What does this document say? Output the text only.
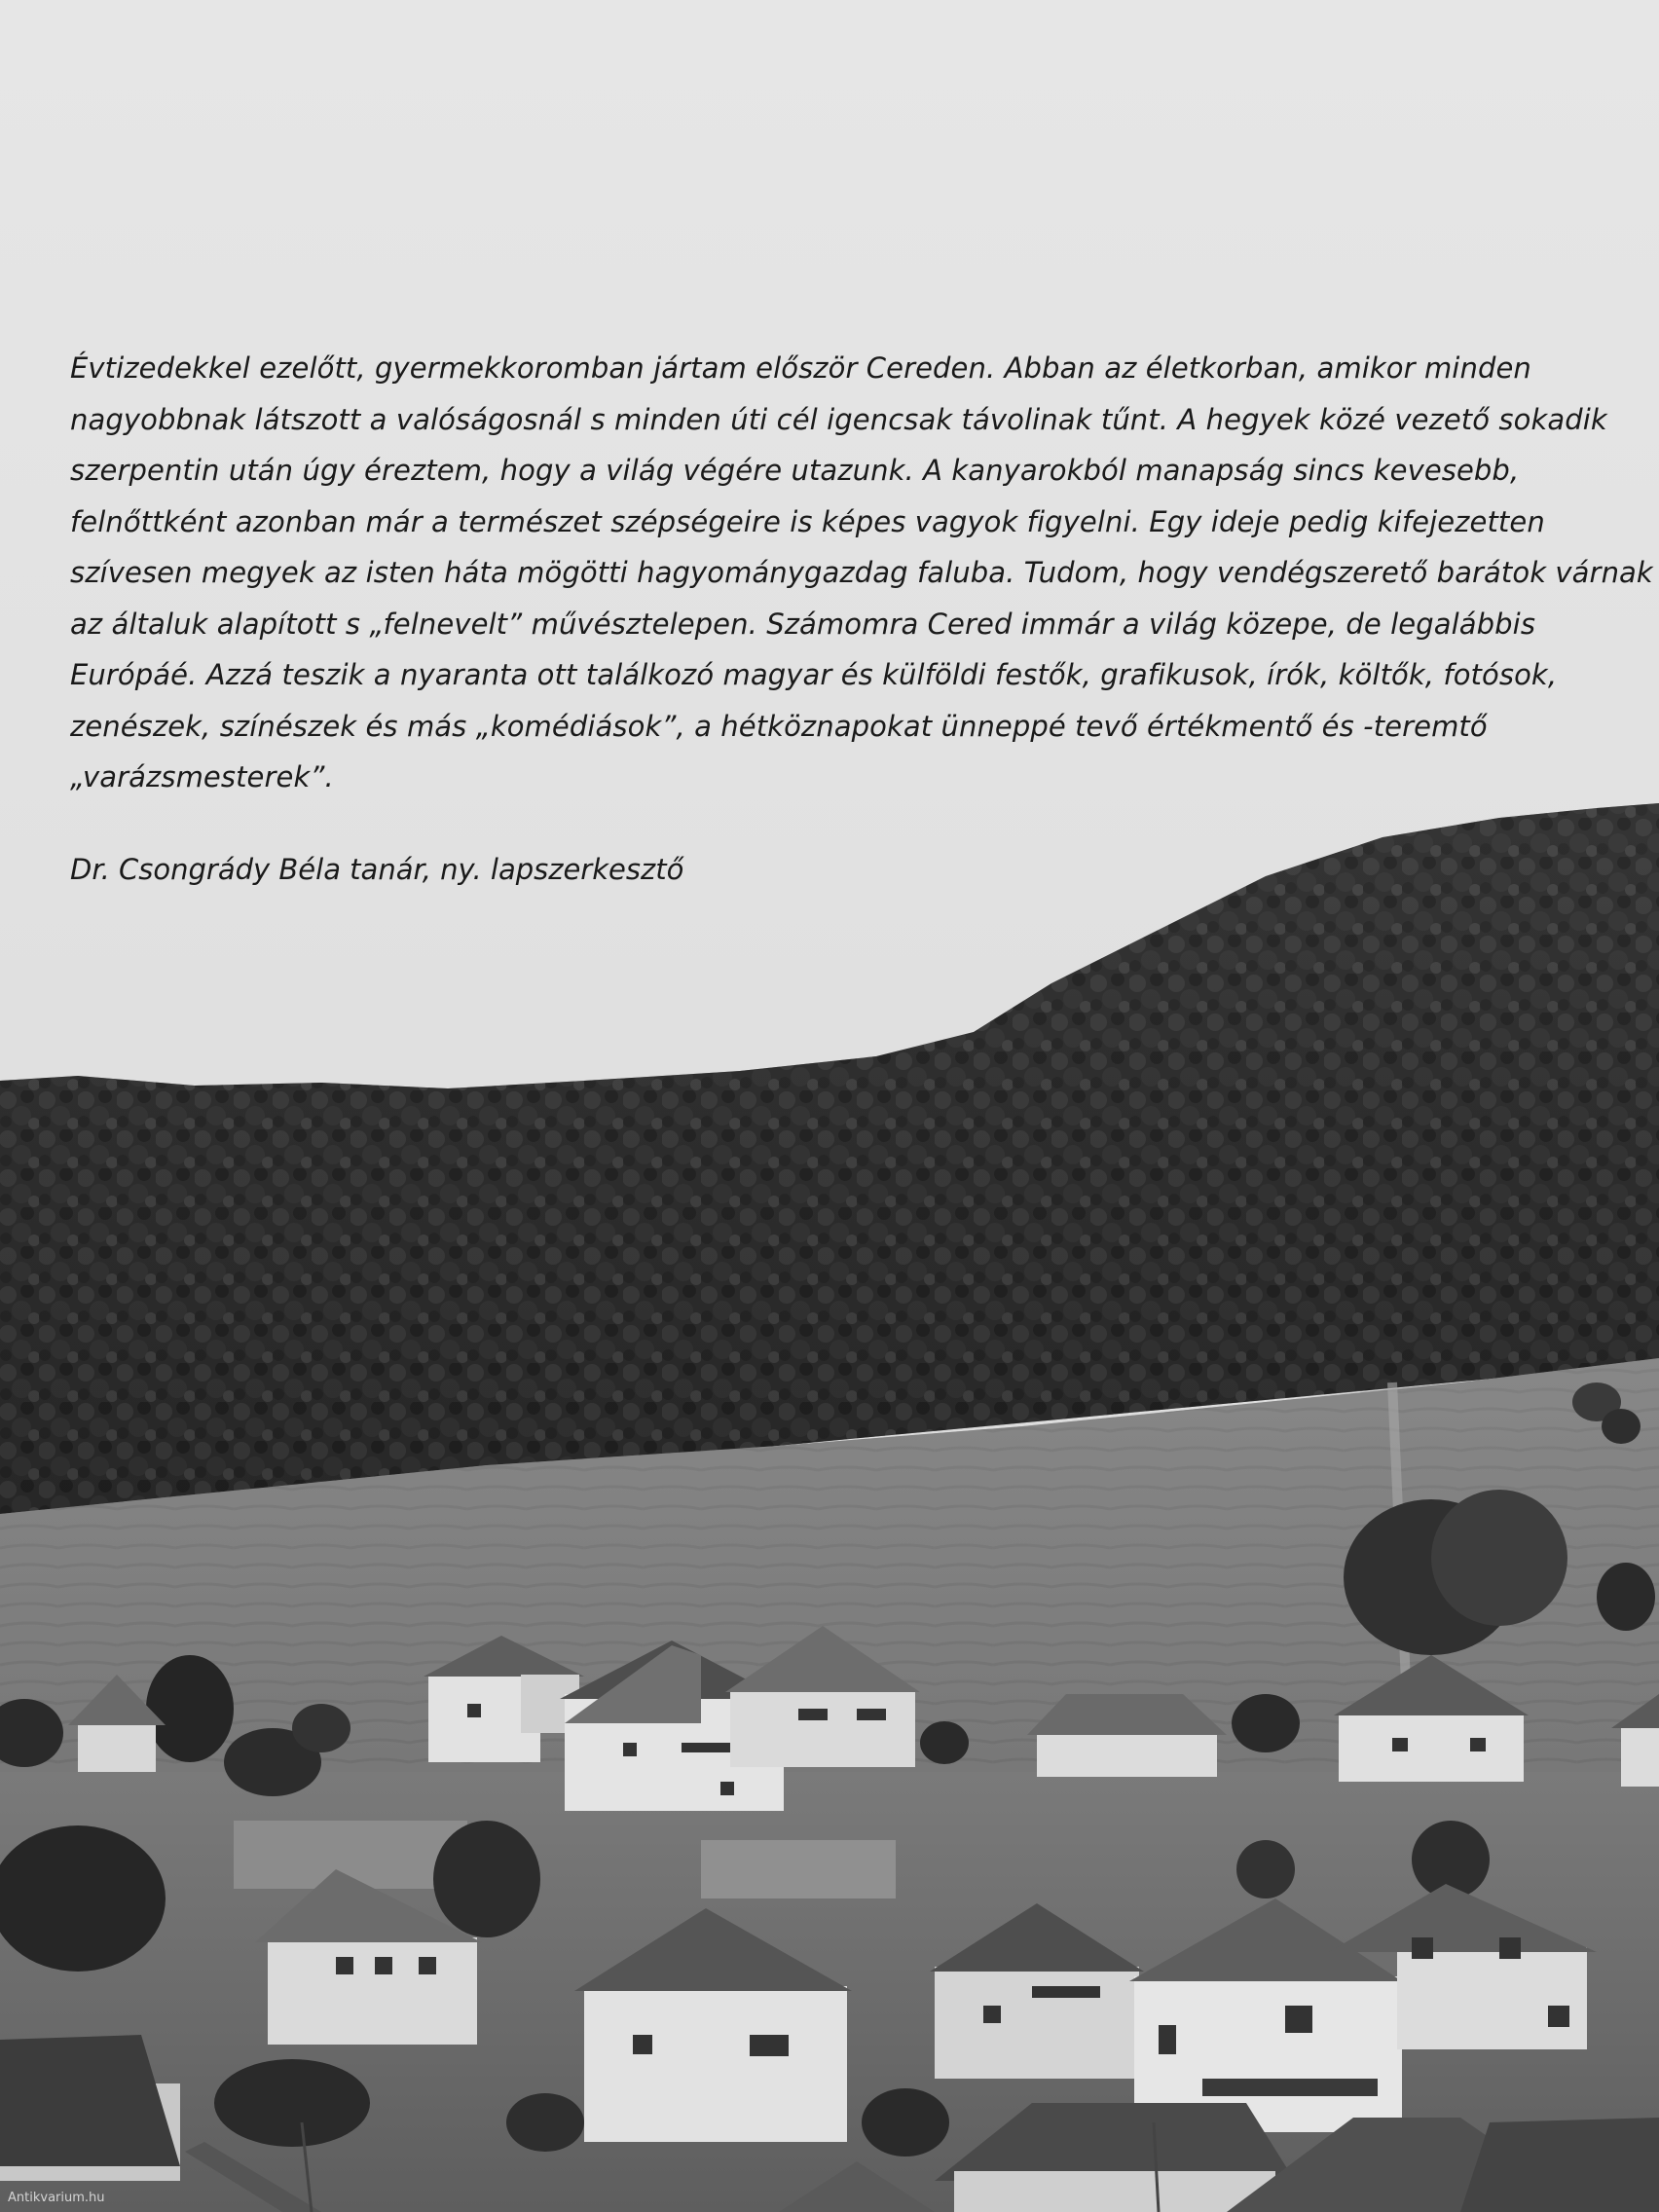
Évtizedekkel ezelőtt, gyermekkoromban jártam először Cereden. Abban az életkorban, amikor minden
nagyobbnak látszott a valóságosnál s minden úti cél igencsak távolinak tűnt. A hegyek közé vezető sokadik
szerpentin után úgy éreztem, hogy a világ végére utazunk. A kanyarokból manapság sincs kevesebb,
felnőttként azonban már a természet szépségeire is képes vagyok figyelni. Egy ideje pedig kifejezetten
szívesen megyek az isten háta mögötti hagyománygazdag faluba. Tudom, hogy vendégszerető barátok várnak
az általuk alapított s „felnevelt” művésztelepen. Számomra Cered immár a világ közepe, de legalábbis
Európáé. Azzá teszik a nyaranta ott találkozó magyar és külföldi festők, grafikusok, írók, költők, fotósok,
zenészek, színészek és más „komédiások”, a hétköznapokat ünneppé tevő értékmentő és -teremtő
„varázsmesterek”.
Dr. Csongrády Béla tanár, ny. lapszerkesztő
Antikvarium.hu
